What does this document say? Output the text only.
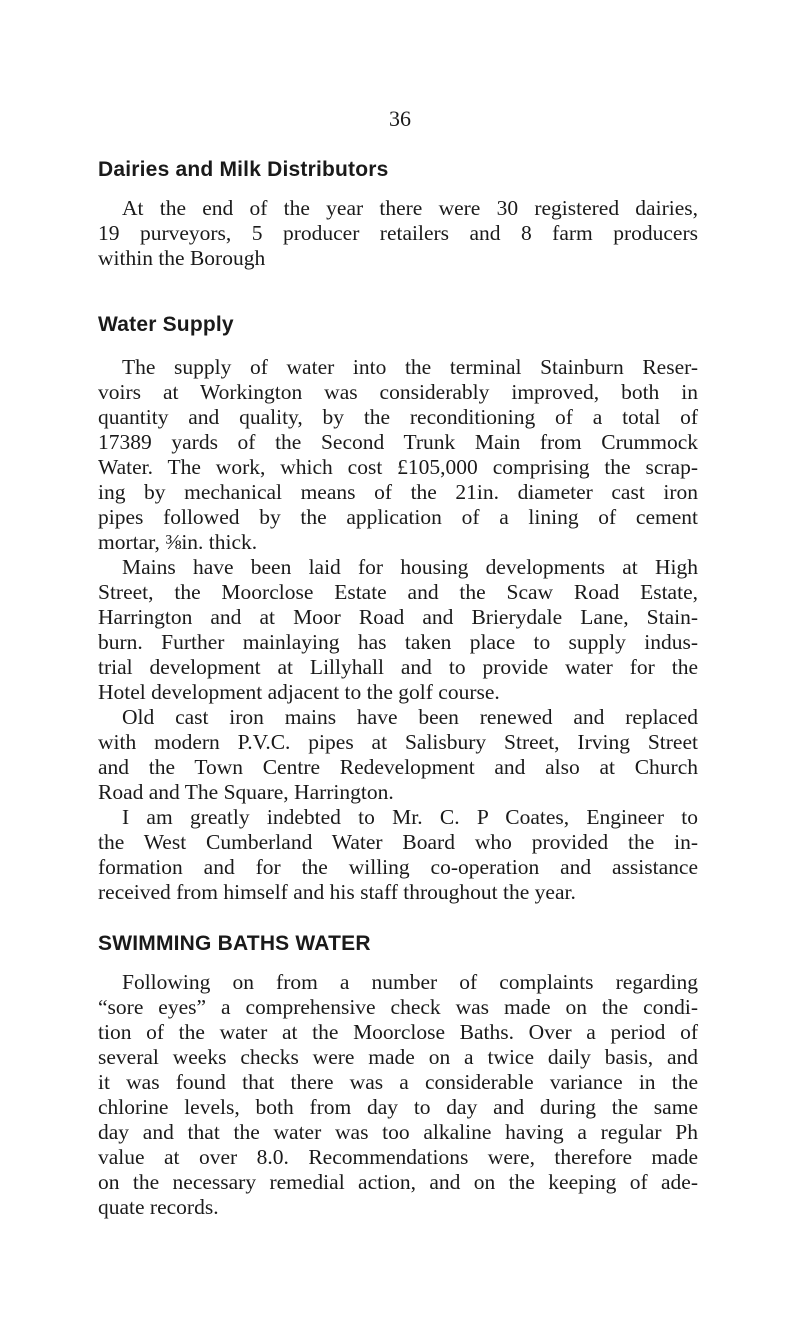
36
Dairies and Milk Distributors

At the end of the year there were 30 registered dairies,
19 purveyors, 5 producer retailers and 8 farm producers
within the Borough

Water Supply

The supply of water into the terminal Stainburn Reser-
voirs at Workington was considerably improved, both in
quantity and quality, by the reconditioning of a total of
17389 yards of the Second Trunk Main from Crummock
Water. The work, which cost £105,000 comprising the scrap-
ing by mechanical means of the 21in. diameter cast iron
pipes followed by the application of a lining of cement
mortar, ⅜in. thick.

Mains have been laid for housing developments at High
Street, the Moorclose Estate and the Scaw Road Estate,
Harrington and at Moor Road and Brierydale Lane, Stain-
burn. Further mainlaying has taken place to supply indus-
trial development at Lillyhall and to provide water for the
Hotel development adjacent to the golf course.

Old cast iron mains have been renewed and replaced
with modern P.V.C. pipes at Salisbury Street, Irving Street
and the Town Centre Redevelopment and also at Church
Road and The Square, Harrington.

I am greatly indebted to Mr. C. P Coates, Engineer to
the West Cumberland Water Board who provided the in-
formation and for the willing co-operation and assistance
received from himself and his staff throughout the year.

SWIMMING BATHS WATER

Following on from a number of complaints regarding
“sore eyes” a comprehensive check was made on the condi-
tion of the water at the Moorclose Baths. Over a period of
several weeks checks were made on a twice daily basis, and
it was found that there was a considerable variance in the
chlorine levels, both from day to day and during the same
day and that the water was too alkaline having a regular Ph
value at over 8.0. Recommendations were, therefore made
on the necessary remedial action, and on the keeping of ade-
quate records.
